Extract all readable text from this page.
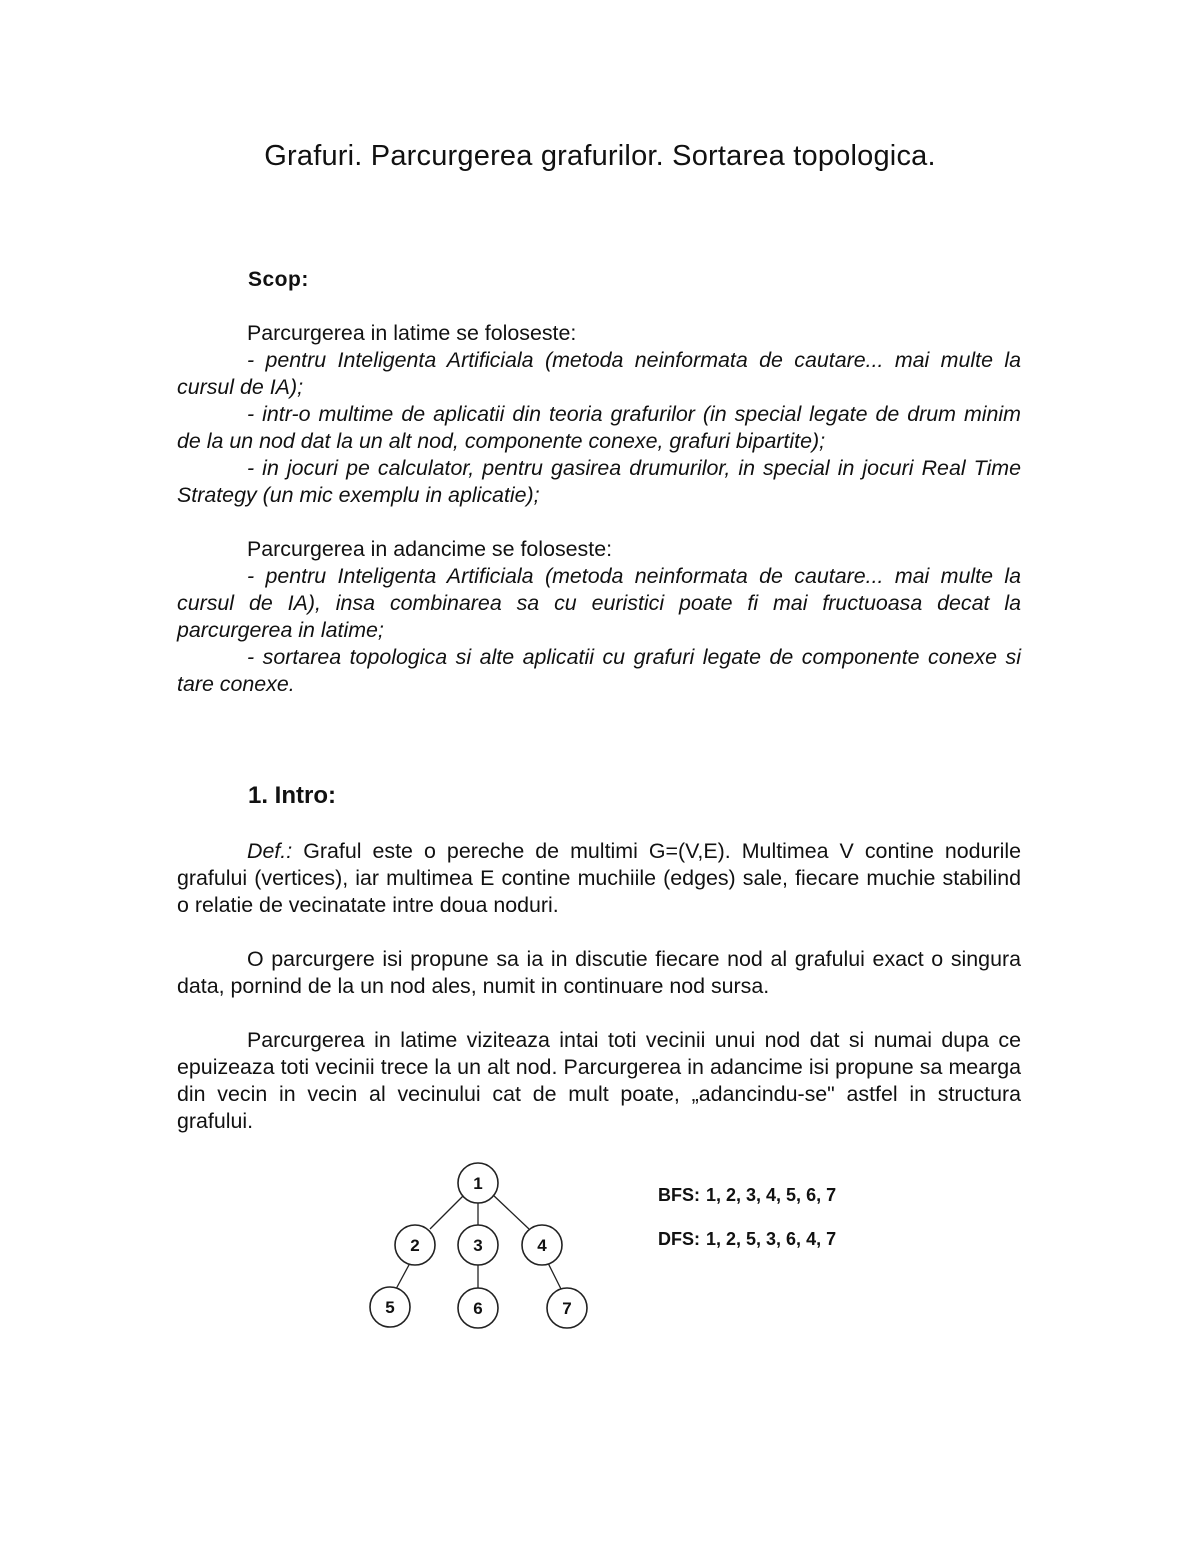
Grafuri. Parcurgerea grafurilor. Sortarea topologica.
Scop:

Parcurgerea in latime se foloseste:

- pentru Inteligenta Artificiala (metoda neinformata de cautare... mai multe la cursul de IA);

- intr-o multime de aplicatii din teoria grafurilor (in special legate de drum minim de la un nod dat la un alt nod, componente conexe, grafuri bipartite);

- in jocuri pe calculator, pentru gasirea drumurilor, in special in jocuri Real Time Strategy (un mic exemplu in aplicatie);

Parcurgerea in adancime se foloseste:

- pentru Inteligenta Artificiala (metoda neinformata de cautare... mai multe la cursul de IA), insa combinarea sa cu euristici poate fi mai fructuoasa decat la parcurgerea in latime;

- sortarea topologica si alte aplicatii cu grafuri legate de componente conexe si tare conexe.

1. Intro:

Def.: Graful este o pereche de multimi G=(V,E). Multimea V contine nodurile grafului (vertices), iar multimea E contine muchiile (edges) sale, fiecare muchie stabilind o relatie de vecinatate intre doua noduri.

O parcurgere isi propune sa ia in discutie fiecare nod al grafului exact o singura data, pornind de la un nod ales, numit in continuare nod sursa.

Parcurgerea in latime viziteaza intai toti vecinii unui nod dat si numai dupa ce epuizeaza toti vecinii trece la un alt nod. Parcurgerea in adancime isi propune sa mearga din vecin in vecin al vecinului cat de mult poate, „adancindu-se" astfel in structura grafului.

1
2	3	4
5	6	7
BFS: 1, 2, 3, 4, 5, 6, 7
DFS: 1, 2, 5, 3, 6, 4, 7
